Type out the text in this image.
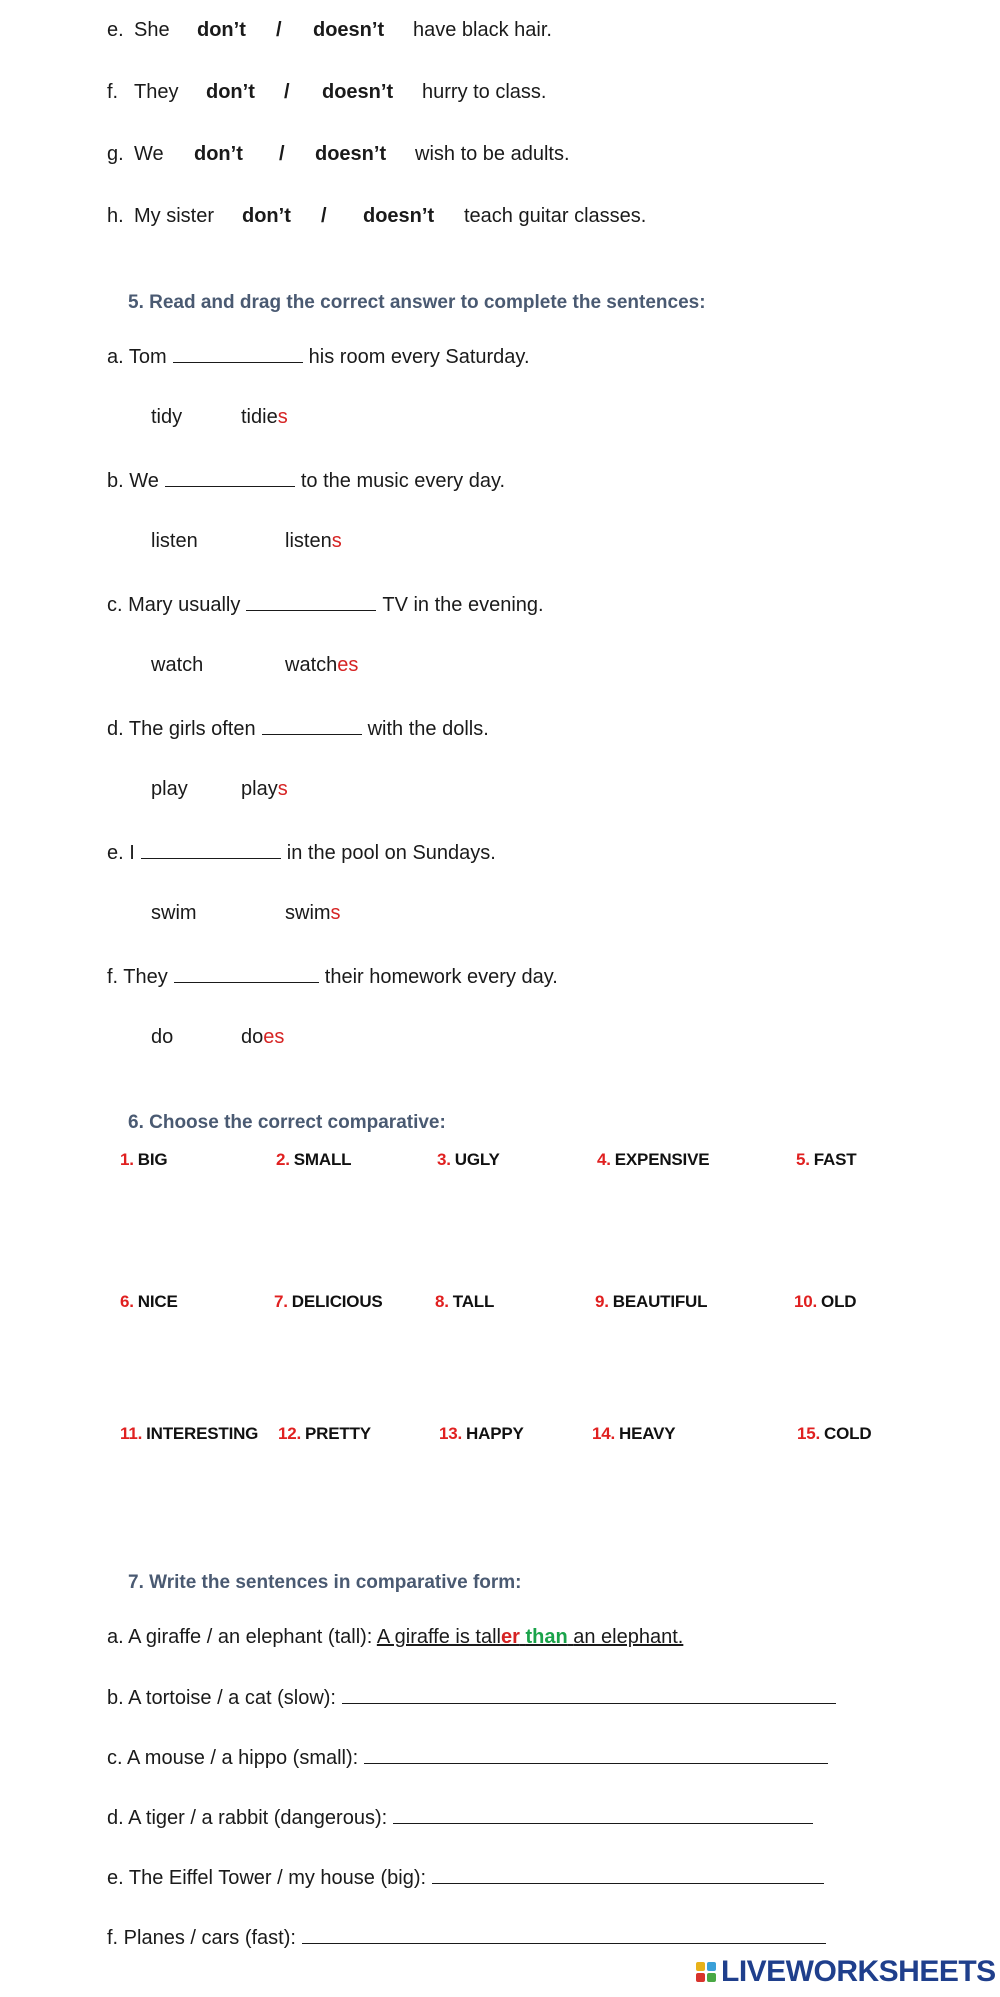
e. She don’t / doesn’t have black hair.
f. They don’t / doesn’t hurry to class.
g. We don’t / doesn’t wish to be adults.
h. My sister don’t / doesn’t teach guitar classes.
5. Read and drag the correct answer to complete the sentences:
a. Tom	his room every Saturday.
tidy	tidies
b. We	to the music every day.
listen	listens
c. Mary usually	TV in the evening.
watch	watches
d. The girls often	with the dolls.
play	plays
e. I	in the pool on Sundays.
swim	swims
f. They	their homework every day.
do	does
6. Choose the correct comparative:
1. BIG	2. SMALL	3. UGLY	4. EXPENSIVE	5. FAST
6. NICE	7. DELICIOUS	8. TALL	9. BEAUTIFUL	10. OLD
11. INTERESTING 12. PRETTY	13. HAPPY	14. HEAVY	15. COLD
7. Write the sentences in comparative form:
a. A giraffe / an elephant (tall): A giraffe is taller than an elephant.
b. A tortoise / a cat (slow):
c. A mouse / a hippo (small):
d. A tiger / a rabbit (dangerous):
e. The Eiffel Tower / my house (big):
f. Planes / cars (fast):
LIVEWORKSHEETS
